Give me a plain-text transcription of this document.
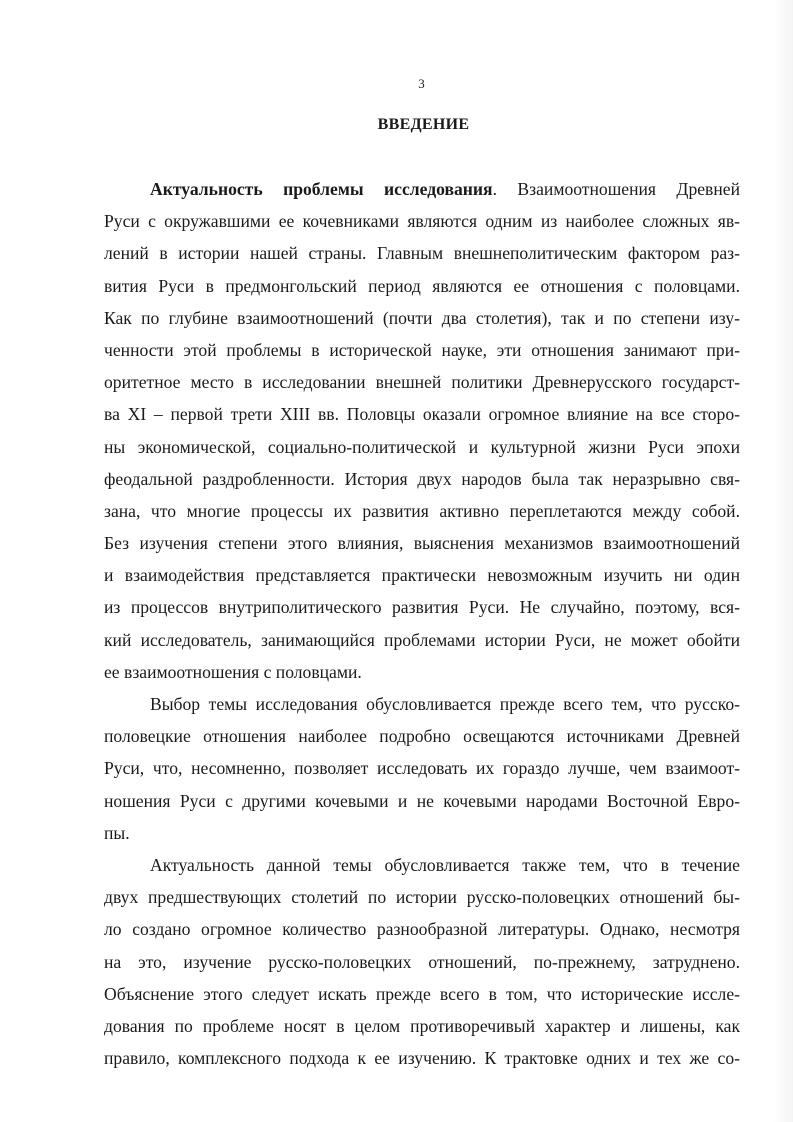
3
ВВЕДЕНИЕ

Актуальность проблемы исследования. Взаимоотношения Древней
Руси с окружавшими ее кочевниками являются одним из наиболее сложных яв-
лений в истории нашей страны. Главным внешнеполитическим фактором раз-
вития Руси в предмонгольский период являются ее отношения с половцами.
Как по глубине взаимоотношений (почти два столетия), так и по степени изу-
ченности этой проблемы в исторической науке, эти отношения занимают при-
оритетное место в исследовании внешней политики Древнерусского государст-
ва XI – первой трети XIII вв. Половцы оказали огромное влияние на все сторо-
ны экономической, социально-политической и культурной жизни Руси эпохи
феодальной раздробленности. История двух народов была так неразрывно свя-
зана, что многие процессы их развития активно переплетаются между собой.
Без изучения степени этого влияния, выяснения механизмов взаимоотношений
и взаимодействия представляется практически невозможным изучить ни один
из процессов внутриполитического развития Руси. Не случайно, поэтому, вся-
кий исследователь, занимающийся проблемами истории Руси, не может обойти
ее взаимоотношения с половцами.

Выбор темы исследования обусловливается прежде всего тем, что русско-
половецкие отношения наиболее подробно освещаются источниками Древней
Руси, что, несомненно, позволяет исследовать их гораздо лучше, чем взаимоот-
ношения Руси с другими кочевыми и не кочевыми народами Восточной Евро-
пы.

Актуальность данной темы обусловливается также тем, что в течение
двух предшествующих столетий по истории русско-половецких отношений бы-
ло создано огромное количество разнообразной литературы. Однако, несмотря
на это, изучение русско-половецких отношений, по-прежнему, затруднено.
Объяснение этого следует искать прежде всего в том, что исторические иссле-
дования по проблеме носят в целом противоречивый характер и лишены, как
правило, комплексного подхода к ее изучению. К трактовке одних и тех же со-
